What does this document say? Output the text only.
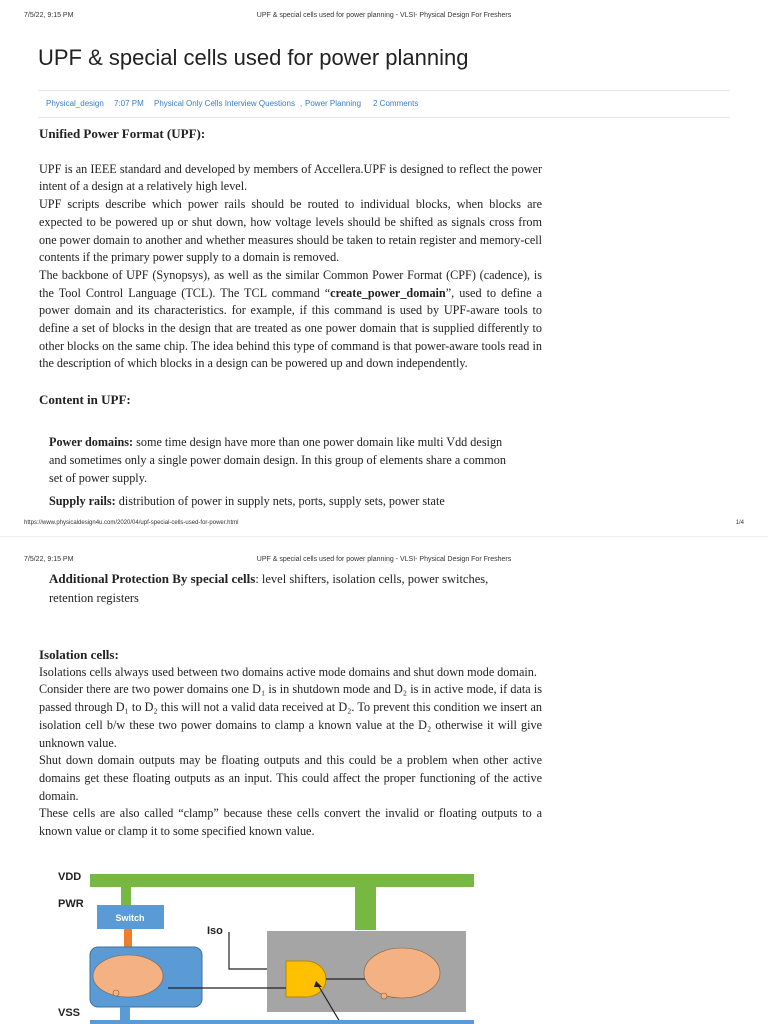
7/5/22, 9:15 PM	UPF & special cells used for power planning - VLSI- Physical Design For Freshers
UPF & special cells used for power planning
Physical_design 7:07 PM Physical Only Cells Interview Questions , Power Planning 2 Comments
Unified Power Format (UPF):

UPF is an IEEE standard and developed by members of Accellera.UPF is designed to reflect the power intent of a design at a relatively high level.

UPF scripts describe which power rails should be routed to individual blocks, when blocks are expected to be powered up or shut down, how voltage levels should be shifted as signals cross from one power domain to another and whether measures should be taken to retain register and memory-cell contents if the primary power supply to a domain is removed.

The backbone of UPF (Synopsys), as well as the similar Common Power Format (CPF) (cadence), is the Tool Control Language (TCL). The TCL command “create_power_domain”, used to define a power domain and its characteristics. for example, if this command is used by UPF-aware tools to define a set of blocks in the design that are treated as one power domain that is supplied differently to other blocks on the same chip. The idea behind this type of command is that power-aware tools read in the description of which blocks in a design can be powered up and down independently.

Content in UPF:
Power domains: some time design have more than one power domain like multi Vdd design and sometimes only a single power domain design. In this group of elements share a common set of power supply.
Supply rails: distribution of power in supply nets, ports, supply sets, power state
https://www.physicaldesign4u.com/2020/04/upf-special-cells-used-for-power.html	1/4
7/5/22, 9:15 PM	UPF & special cells used for power planning - VLSI- Physical Design For Freshers
Additional Protection By special cells: level shifters, isolation cells, power switches, retention registers
Isolation cells:

Isolations cells always used between two domains active mode domains and shut down mode domain.

Consider there are two power domains one D₁ is in shutdown mode and D₂ is in active mode, if data is passed through D₁ to D₂ this will not a valid data received at D₂. To prevent this condition we insert an isolation cell b/w these two power domains to clamp a known value at the D₂ otherwise it will give unknown value.

Shut down domain outputs may be floating outputs and this could be a problem when other active domains get these floating outputs as an input. This could affect the proper functioning of the active domain.

These cells are also called “clamp” because these cells convert the invalid or floating outputs to a known value or clamp it to some specified known value.

VDD
PWR
Switch
Iso
VSS
